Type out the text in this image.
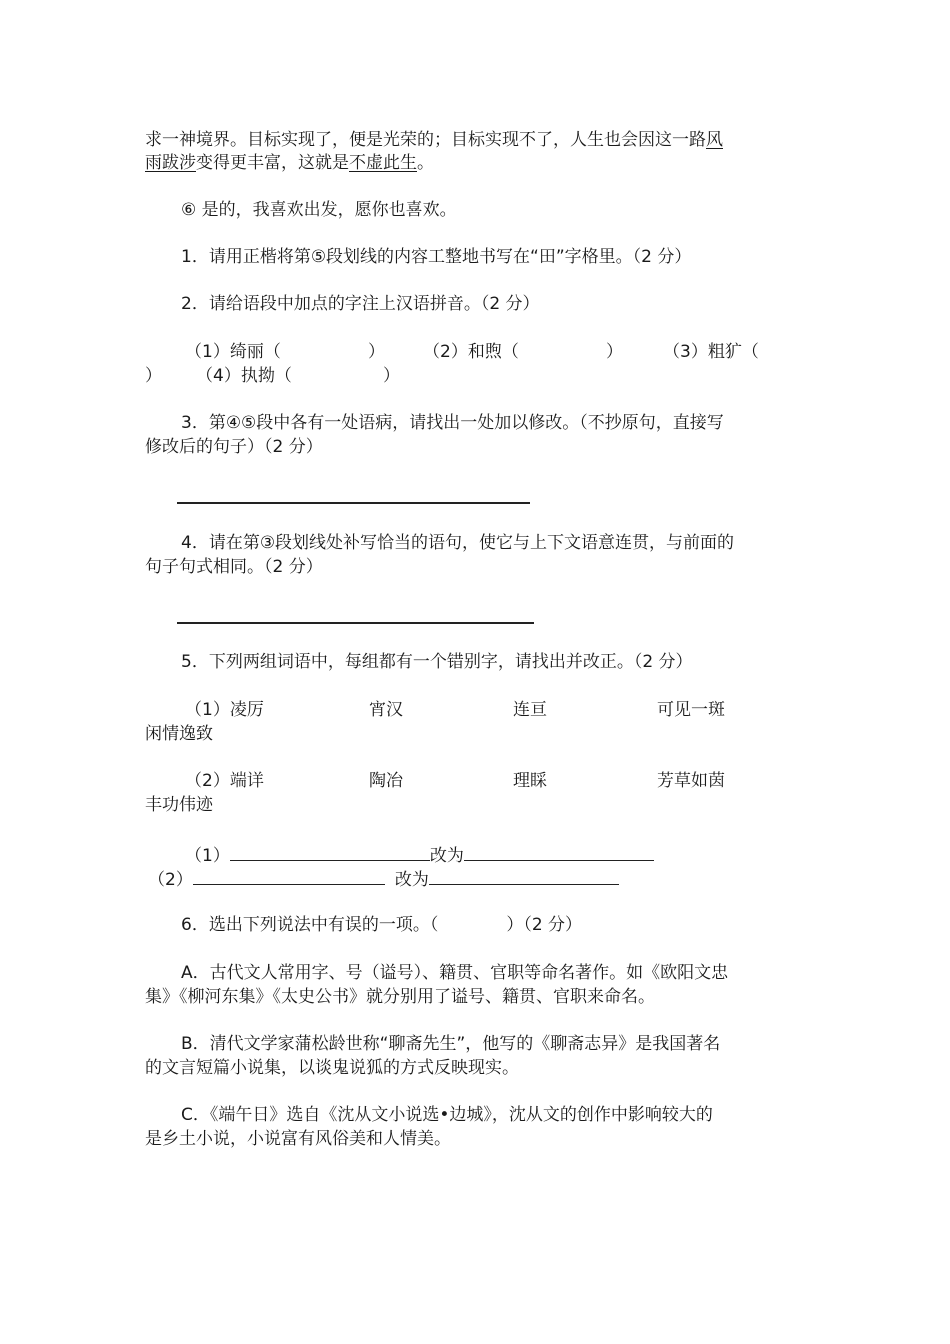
求一神境界。目标实现了，便是光荣的；目标实现不了，人生也会因这一路风
雨跋涉变得更丰富，这就是不虚此生。
⑥ 是的，我喜欢出发，愿你也喜欢。
1．请用正楷将第⑤段划线的内容工整地书写在“田”字格里。（2 分）
2．请给语段中加点的字注上汉语拼音。（2 分）
（1）绮丽（	） （2）和煦（	） （3）粗犷（
） （4）执拗（	）
3．第④⑤段中各有一处语病，请找出一处加以修改。（不抄原句，直接写
修改后的句子）（2 分）
4．请在第③段划线处补写恰当的语句，使它与上下文语意连贯，与前面的
句子句式相同。（2 分）
5．下列两组词语中，每组都有一个错别字，请找出并改正。（2 分）
（1）凌厉	宵汉	连亘	可见一斑
闲情逸致
（2）端详	陶冶	理睬	芳草如茵
丰功伟迹
（1）	改为
（2）	改为
6．选出下列说法中有误的一项。（	）（2 分）
A．古代文人常用字、号（谥号）、籍贯、官职等命名著作。如《欧阳文忠
集》《柳河东集》《太史公书》就分别用了谥号、籍贯、官职来命名。
B．清代文学家蒲松龄世称“聊斋先生”，他写的《聊斋志异》是我国著名
的文言短篇小说集，以谈鬼说狐的方式反映现实。
C．《端午日》选自《沈从文小说选•边城》，沈从文的创作中影响较大的
是乡土小说，小说富有风俗美和人情美。
